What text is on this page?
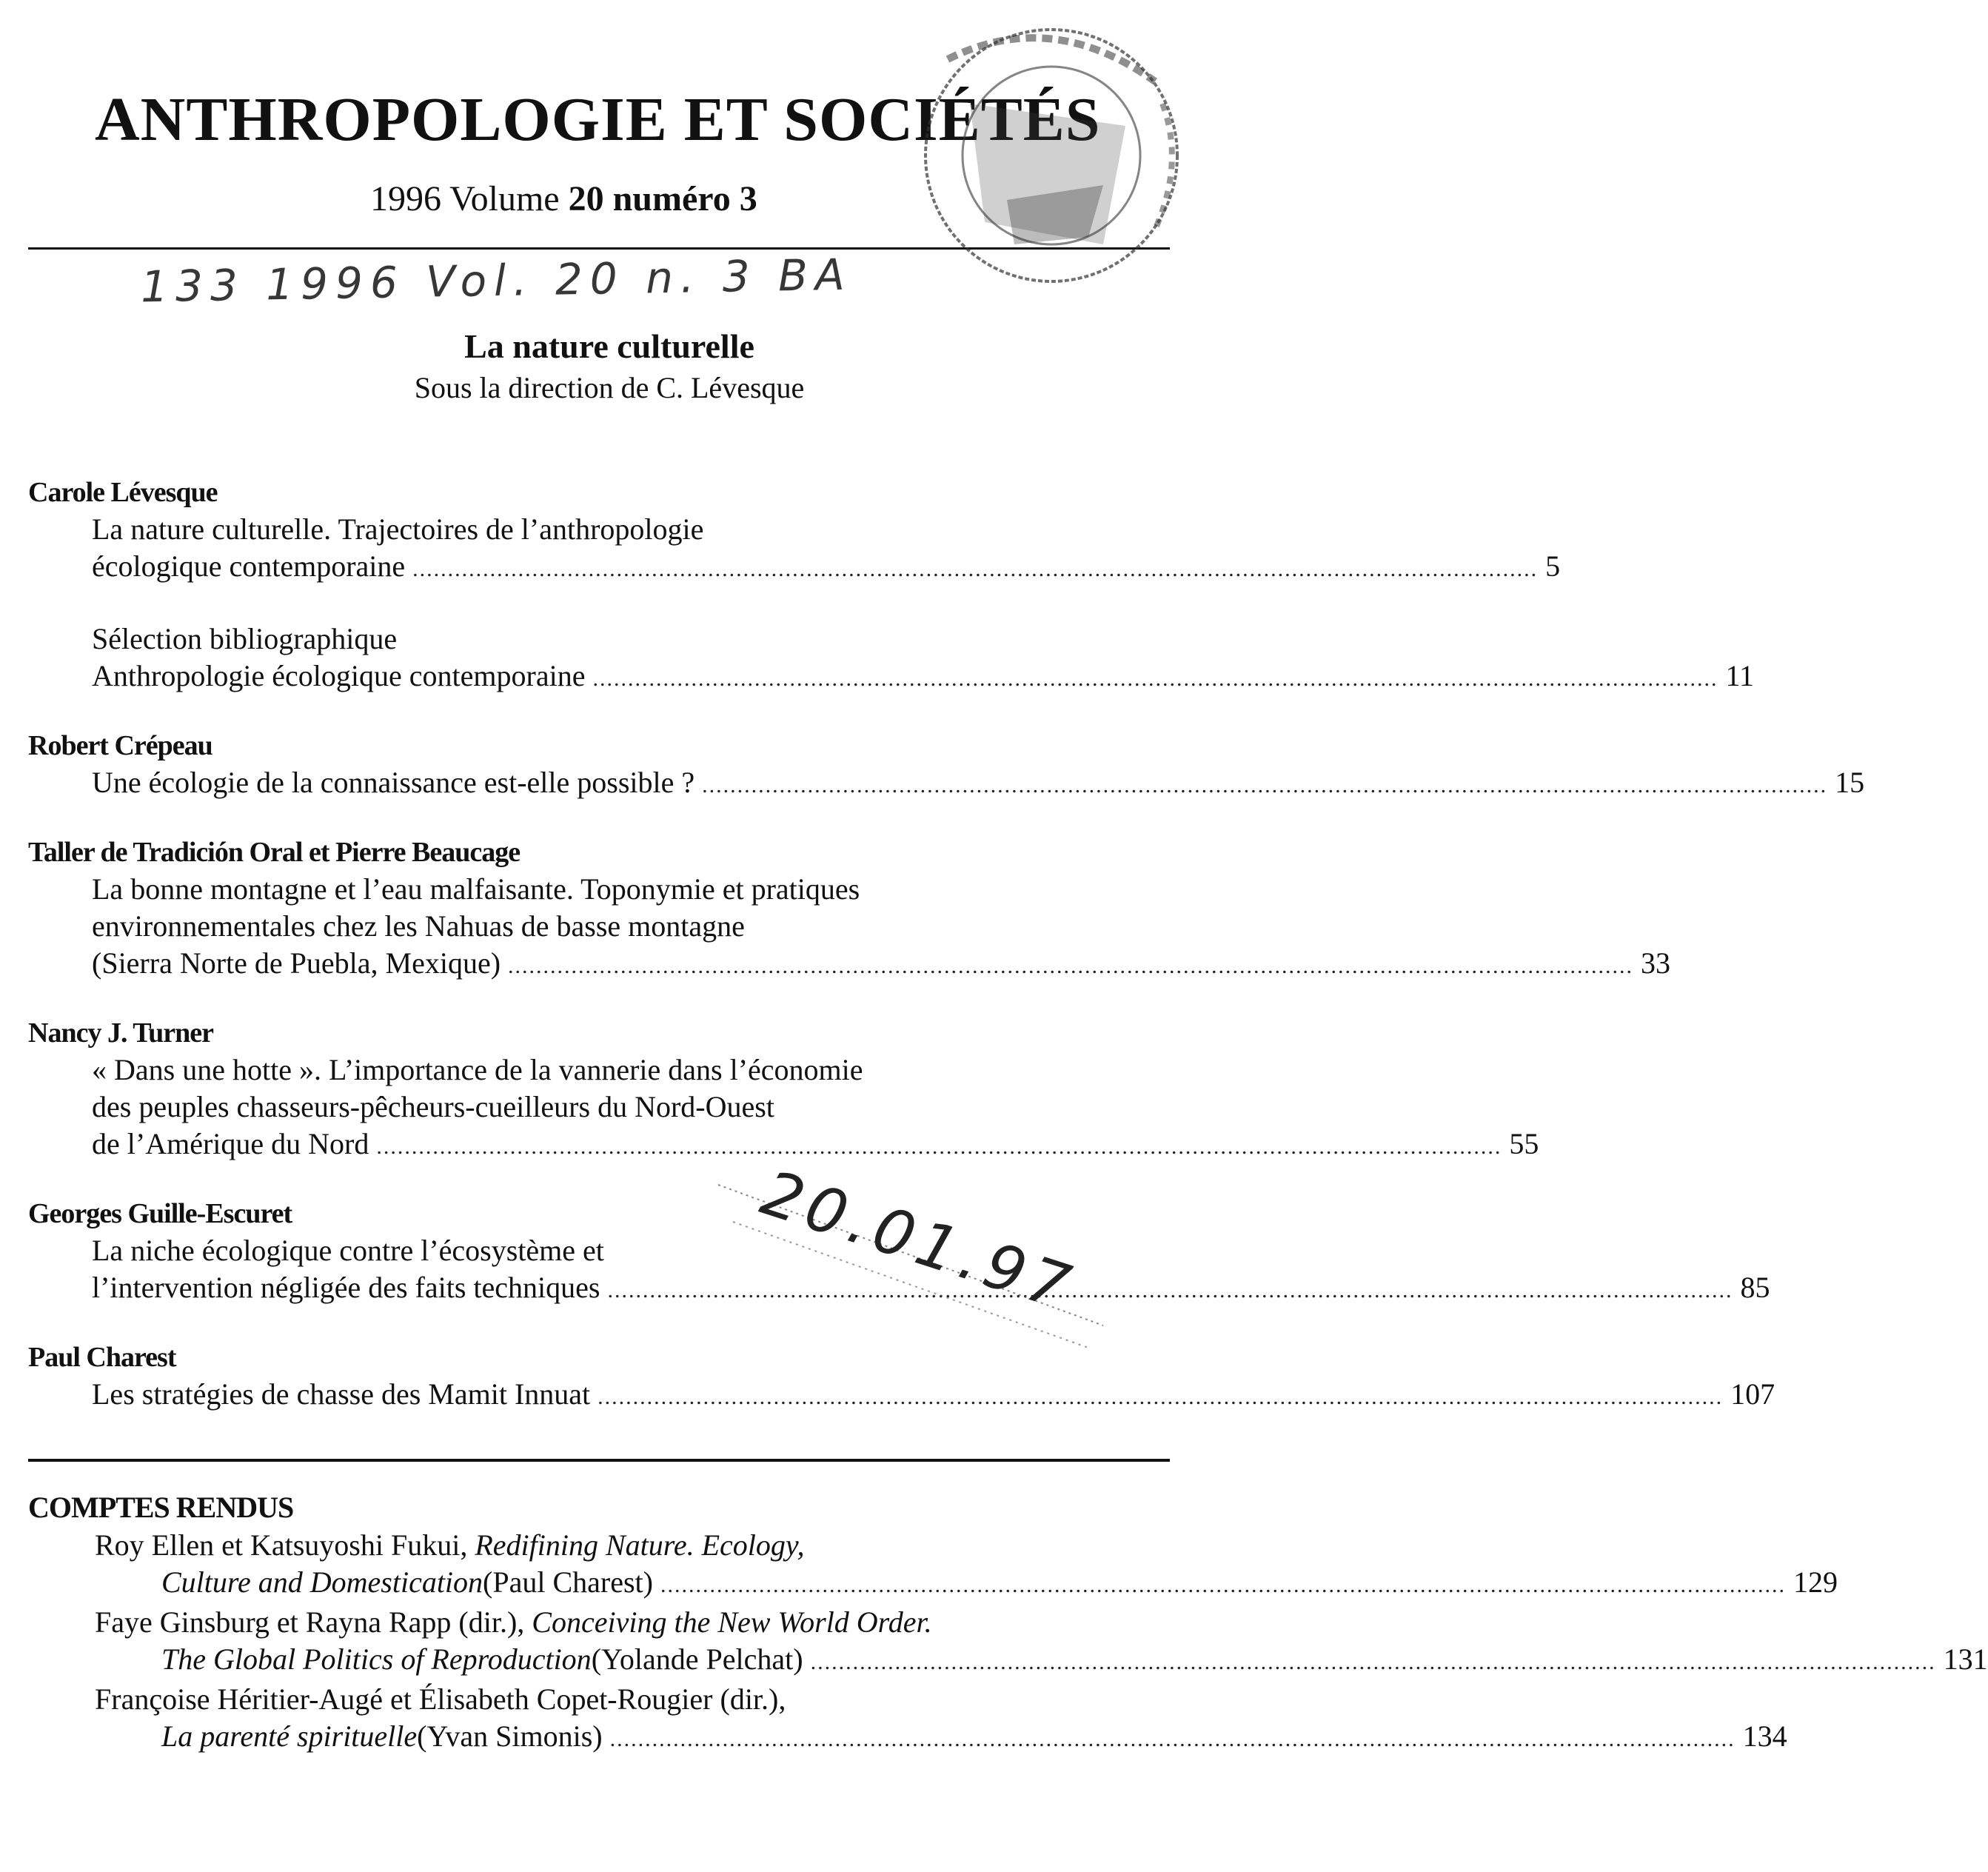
ANTHROPOLOGIE ET SOCIÉTÉS
1996 Volume 20 numéro 3
133 1996 Vol. 20 n. 3 BA
La nature culturelle
Sous la direction de C. Lévesque
Carole Lévesque
La nature culturelle. Trajectoires de l’anthropologie
écologique contemporaine ................................................................................................................................................................ 5
Sélection bibliographique
Anthropologie écologique contemporaine ................................................................................................................................................................ 11
Robert Crépeau
Une écologie de la connaissance est-elle possible ? ................................................................................................................................................................ 15
Taller de Tradición Oral et Pierre Beaucage
La bonne montagne et l’eau malfaisante. Toponymie et pratiques
environnementales chez les Nahuas de basse montagne
(Sierra Norte de Puebla, Mexique) ................................................................................................................................................................ 33
Nancy J. Turner
« Dans une hotte ». L’importance de la vannerie dans l’économie
des peuples chasseurs-pêcheurs-cueilleurs du Nord-Ouest
de l’Amérique du Nord ................................................................................................................................................................ 55
Georges Guille-Escuret
La niche écologique contre l’écosystème et
l’intervention négligée des faits techniques ................................................................................................................................................................ 85
Paul Charest
Les stratégies de chasse des Mamit Innuat ................................................................................................................................................................ 107
COMPTES RENDUS
Roy Ellen et Katsuyoshi Fukui, Redifining Nature. Ecology,
Culture and Domestication (Paul Charest) ................................................................................................................................................................ 129
Faye Ginsburg et Rayna Rapp (dir.), Conceiving the New World Order.
The Global Politics of Reproduction (Yolande Pelchat) ................................................................................................................................................................ 131
Françoise Héritier-Augé et Élisabeth Copet-Rougier (dir.),
La parenté spirituelle (Yvan Simonis) ................................................................................................................................................................ 134
20.01.97
